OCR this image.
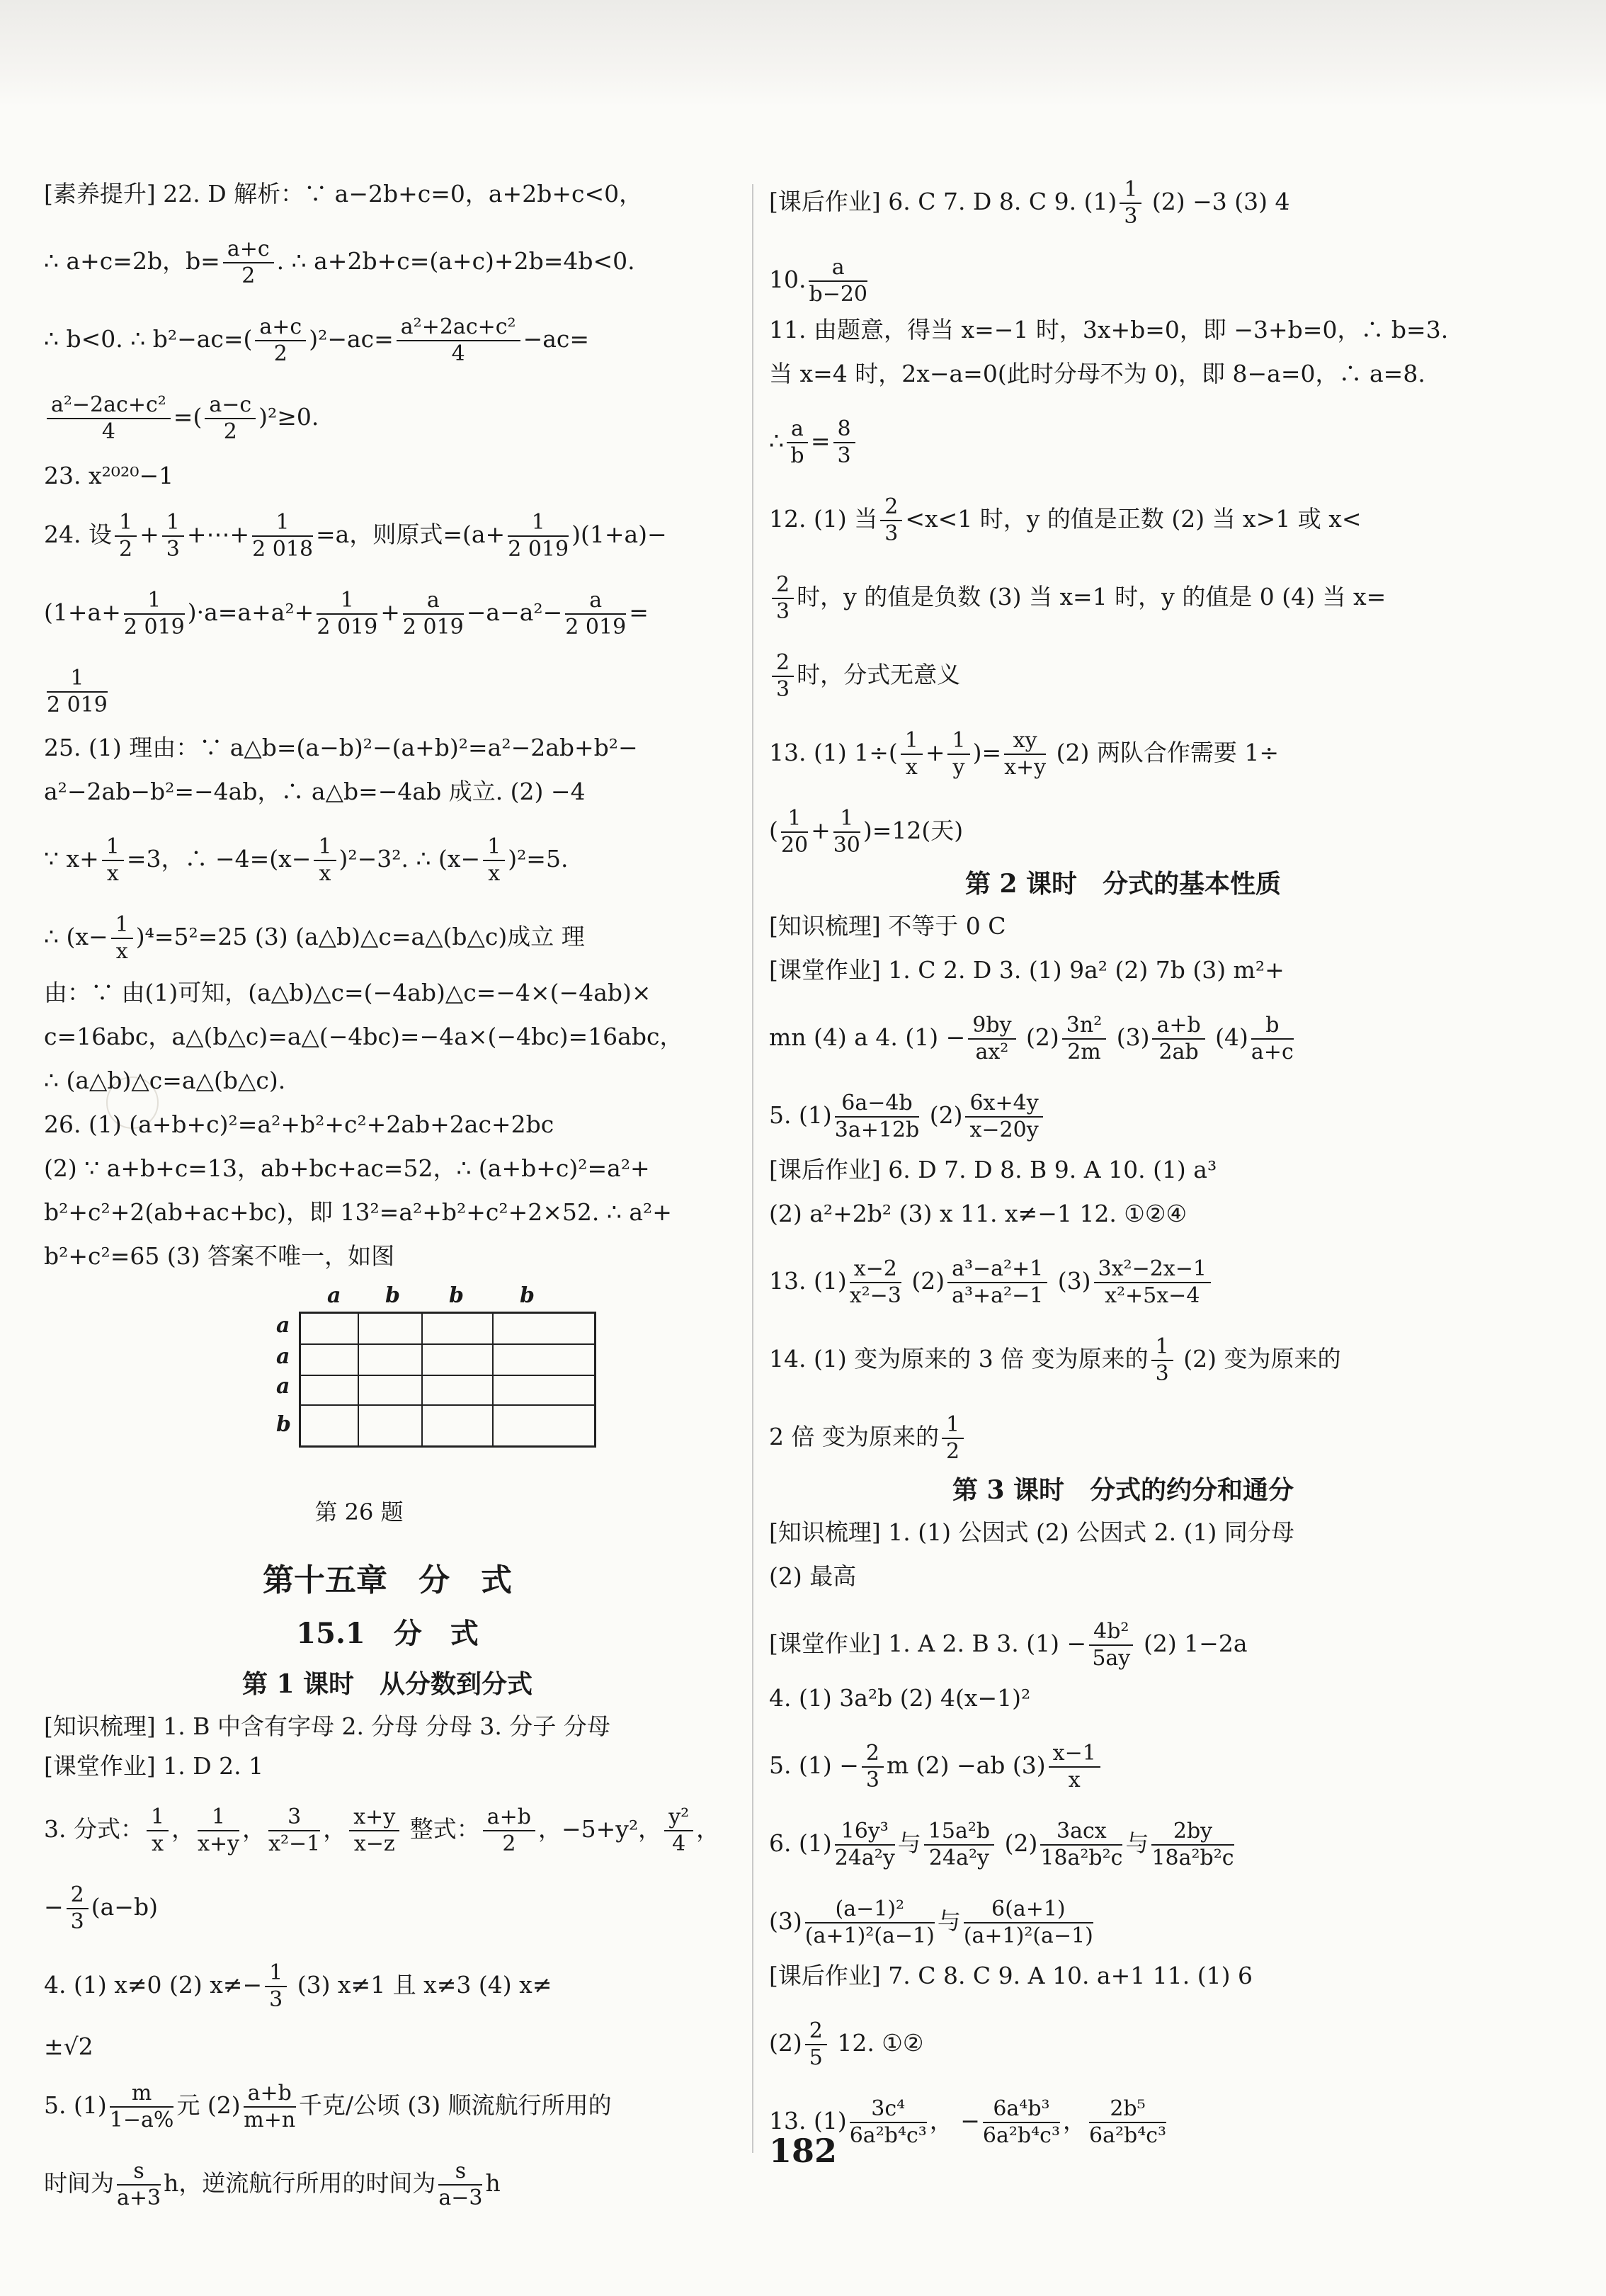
[素养提升] 22. D 解析：∵ a−2b+c=0，a+2b+c<0，

∴ a+c=2b，$b= \frac{a+c}{2}$ . ∴ a+2b+c=(a+c)+2b=4b<0.

∴ b<0. ∴ $b^2-ac=( \frac{a+c}{2} )^2-ac= \frac{\text{a²+2ac+c²}}{4} -ac=$

$\frac{\text{a²−2ac+c²}}{4}$ =( $\frac{a-c}{2} )^2\ge 0$.

23. x²⁰²⁰−1

24. 设 $\frac{1}{2} + \frac{1}{3}$ +⋯+ $\frac{1}{2 018} =a$，则原式$=(a+ \frac{1}{2 019} )(1+a)-$

$(1+a+ \frac{1}{2 019} )\cdot a=a+a^2+ \frac{1}{2 019} + \frac{a}{2 019} -a-a^2- \frac{a}{2 019}$ =

$\frac{1}{2 019}$

25. (1) 理由：∵ a△b=(a−b)²−(a+b)²=a²−2ab+b²−

a²−2ab−b²=−4ab，∴ a△b=−4ab 成立. (2) −4

∵ $x+ \frac{1}{x} =3$，∴ $-4=(x- \frac{1}{x} )^2-3^2$. ∴ $(x- \frac{1}{x} )^2=5$.

∴ $(x- \frac{1}{x} )^4=5^2=25$ (3) (a△b)△c=a△(b△c)成立 理

由：∵ 由(1)可知，(a△b)△c=(−4ab)△c=−4×(−4ab)×

c=16abc，a△(b△c)=a△(−4bc)=−4a×(−4bc)=16abc，

∴ (a△b)△c=a△(b△c).

26. (1) (a+b+c)²=a²+b²+c²+2ab+2ac+2bc

(2) ∵ a+b+c=13，ab+bc+ac=52，∴ (a+b+c)²=a²+

b²+c²+2(ab+ac+bc)，即 13²=a²+b²+c²+2×52. ∴ a²+

b²+c²=65 (3) 答案不唯一，如图

a b b	b
a
a
a
b

第 26 题

第十五章　分　式

15.1　分　式

第 1 课时　从分数到分式

[知识梳理] 1. B 中含有字母 2. 分母 分母 3. 分子 分母

[课堂作业] 1. D 2. 1

3. 分式： $\frac{1}{x}$ ， $\frac{1}{x+y}$ ， $\frac{3}{\text{x²−1}}$ ， $\frac{x+y}{x-z}$ 整式： $\frac{a+b}{2}$ ，−5+y²， $\frac{\text{y²}}{4}$ ，

− $\frac{2}{3} (a-b)$

4. (1) x≠0 (2) $x\ne- \frac{1}{3} (3)$ x≠1 且 x≠3 (4) x≠

±√2

5. $(1) \frac{m}{1-a\%}$ 元 $(2) \frac{a+b}{m+n}$ 千克/公顷 (3) 顺流航行所用的

时间为 $\frac{s}{a+3}$ h，逆流航行所用的时间为 $\frac{s}{a-3}$ h

[课后作业] 6. C 7. D 8. C 9. $(1) \frac{1}{3} (2) -3$ (3) 4

10. $\frac{a}{b-20}$

11. 由题意，得当 x=−1 时，3x+b=0，即 −3+b=0，∴ b=3.

当 x=4 时，2x−a=0(此时分母不为 0)，即 8−a=0，∴ a=8.

∴ $\frac{a}{b} = \frac{8}{3}$

12. (1) 当 $\frac{2}{3} <x<1$ 时，y 的值是正数 (2) 当 x>1 或 x<

$\frac{2}{3}$ 时，y 的值是负数 (3) 当 x=1 时，y 的值是 0 (4) 当 x=

$\frac{2}{3}$ 时，分式无意义

13. (1) $1\div( \frac{1}{x} + \frac{1}{y}$ )= $\frac{xy}{x+y} (2)$ 两队合作需要 1÷

( $\frac{1}{20} + \frac{1}{30} )=12$(天)

第 2 课时　分式的基本性质

[知识梳理] 不等于 0 C

[课堂作业] 1. C 2. D 3. (1) 9a² (2) 7b (3) m²+

mn (4) a 4. $(1) - \frac{9by}{\text{ax²}} (2) \frac{\text{3n²}}{2m} (3) \frac{a+b}{2ab} (4) \frac{b}{a+c}$

5. $(1) \frac{6a-4b}{3a+12b} (2) \frac{6x+4y}{x-20y}$

[课后作业] 6. D 7. D 8. B 9. A 10. (1) a³

(2) a²+2b² (3) x 11. x≠−1 12. ①②④

13. $(1) \frac{x-2}{\text{x²−3}} (2) \frac{\text{a³−a²+1}}{\text{a³+a²−1}} (3) \frac{\text{3x²−2x−1}}{\text{x²+5x−4}}$

14. (1) 变为原来的 3 倍 变为原来的 $\frac{1}{3} (2)$ 变为原来的

2 倍 变为原来的 $\frac{1}{2}$

第 3 课时　分式的约分和通分

[知识梳理] 1. (1) 公因式 (2) 公因式 2. (1) 同分母

(2) 最高

[课堂作业] 1. A 2. B 3. $(1) - \frac{\text{4b²}}{5ay} (2)$ 1−2a

4. (1) 3a²b (2) 4(x−1)²

5. $(1) - \frac{2}{3}$ m (2) −ab $(3) \frac{x-1}{x}$

6. $(1) \frac{\text{16y³}}{\text{24a²y}}$ 与 $\frac{\text{15a²b}}{\text{24a²y}} (2) \frac{\text{3acx}}{\text{18a²b²c}}$ 与 $\frac{2by}{\text{18a²b²c}}$

$(3) \frac{\text{(a−1)²}}{\text{(a+1)²(a−1)}}$ 与 $\frac{6(a+1)}{\text{(a+1)²(a−1)}}$

[课后作业] 7. C 8. C 9. A 10. a+1 11. (1) 6

$(2) \frac{2}{5} 12$. ①②

13. $(1) \frac{\text{3c⁴}}{\text{6a²b⁴c³}}$ ， − $\frac{\text{6a⁴b³}}{\text{6a²b⁴c³}}$ ， $\frac{\text{2b⁵}}{\text{6a²b⁴c³}}$

182
